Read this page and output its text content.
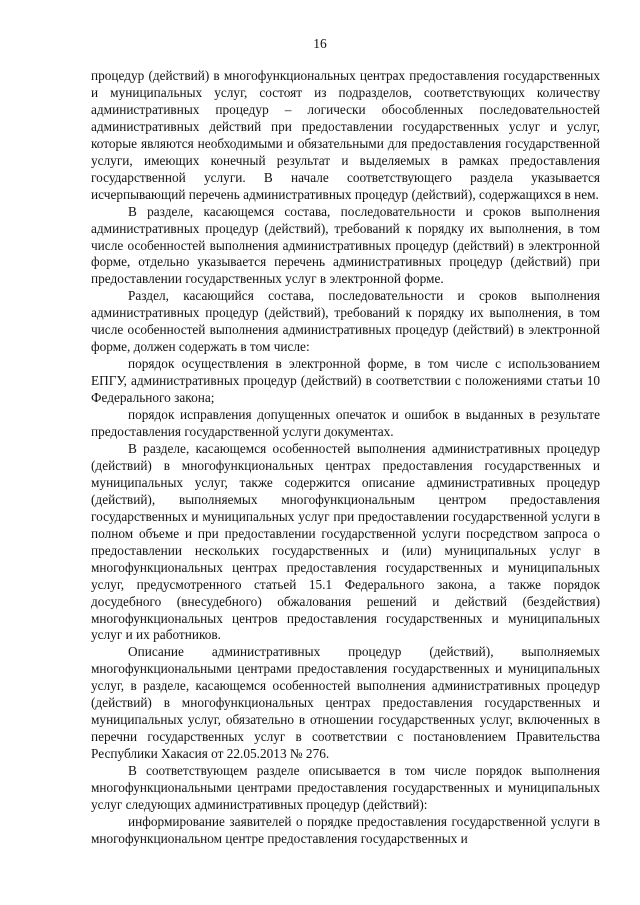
16

процедур (действий) в многофункциональных центрах предоставления государственных и муниципальных услуг, состоят из подразделов, соответствующих количеству административных процедур – логически обособленных последовательностей административных действий при предоставлении государственных услуг и услуг, которые являются необходимыми и обязательными для предоставления государственной услуги, имеющих конечный результат и выделяемых в рамках предоставления государственной услуги. В начале соответствующего раздела указывается исчерпывающий перечень административных процедур (действий), содержащихся в нем.

В разделе, касающемся состава, последовательности и сроков выполнения административных процедур (действий), требований к порядку их выполнения, в том числе особенностей выполнения административных процедур (действий) в электронной форме, отдельно указывается перечень административных процедур (действий) при предоставлении государственных услуг в электронной форме.

Раздел, касающийся состава, последовательности и сроков выполнения административных процедур (действий), требований к порядку их выполнения, в том числе особенностей выполнения административных процедур (действий) в электронной форме, должен содержать в том числе:

порядок осуществления в электронной форме, в том числе с использованием ЕПГУ, административных процедур (действий) в соответствии с положениями статьи 10 Федерального закона;

порядок исправления допущенных опечаток и ошибок в выданных в результате предоставления государственной услуги документах.

В разделе, касающемся особенностей выполнения административных процедур (действий) в многофункциональных центрах предоставления государственных и муниципальных услуг, также содержится описание административных процедур (действий), выполняемых многофункциональным центром предоставления государственных и муниципальных услуг при предоставлении государственной услуги в полном объеме и при предоставлении государственной услуги посредством запроса о предоставлении нескольких государственных и (или) муниципальных услуг в многофункциональных центрах предоставления государственных и муниципальных услуг, предусмотренного статьей 15.1 Федерального закона, а также порядок досудебного (внесудебного) обжалования решений и действий (бездействия) многофункциональных центров предоставления государственных и муниципальных услуг и их работников.

Описание административных процедур (действий), выполняемых многофункциональными центрами предоставления государственных и муниципальных услуг, в разделе, касающемся особенностей выполнения административных процедур (действий) в многофункциональных центрах предоставления государственных и муниципальных услуг, обязательно в отношении государственных услуг, включенных в перечни государственных услуг в соответствии с постановлением Правительства Республики Хакасия от 22.05.2013 № 276.

В соответствующем разделе описывается в том числе порядок выполнения многофункциональными центрами предоставления государственных и муниципальных услуг следующих административных процедур (действий):

информирование заявителей о порядке предоставления государственной услуги в многофункциональном центре предоставления государственных и
